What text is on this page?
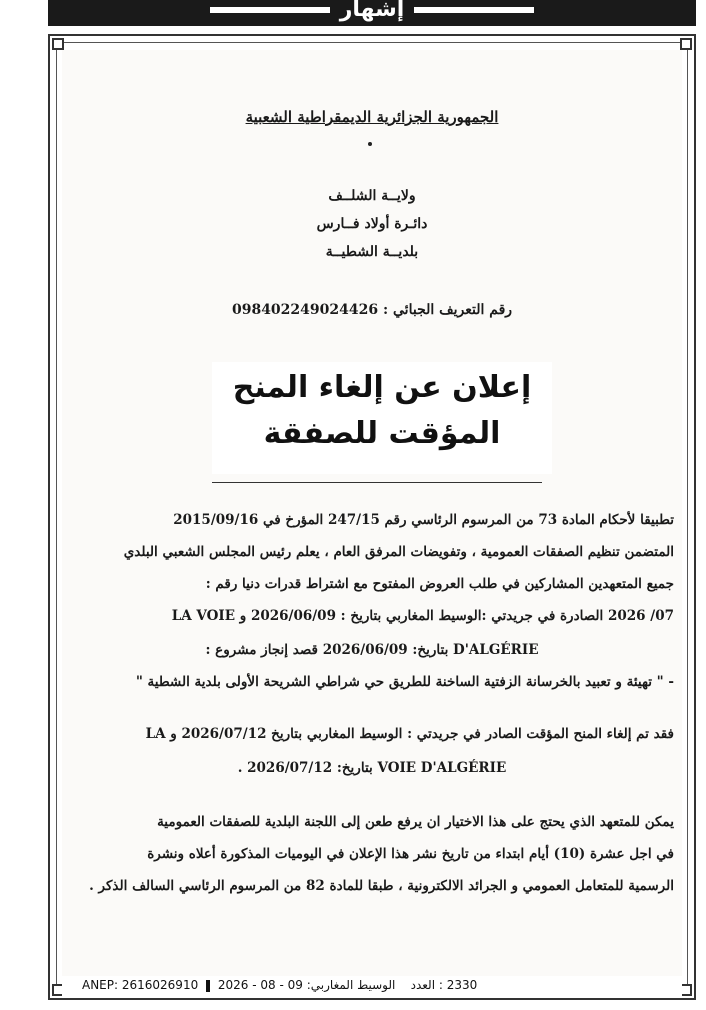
إشهار
الجمهورية الجزائرية الديمقراطية الشعبية
ولايــة الشلــف
دائـرة أولاد فــارس
بلديــة الشطيــة
رقم التعريف الجبائي : 098402249024426
إعلان عن إلغاء المنح
المؤقت للصفقة
تطبيقا لأحكام المادة 73 من المرسوم الرئاسي رقم 247/15 المؤرخ في 2015/09/16
المتضمن تنظيم الصفقات العمومية ، وتفويضات المرفق العام ، يعلم رئيس المجلس الشعبي البلدي
جميع المتعهدين المشاركين في طلب العروض المفتوح مع اشتراط قدرات دنيا رقم :
07/ 2026 الصادرة في جريدتي :الوسيط المغاربي بتاريخ : 2026/06/09 و LA VOIE
D'ALGÉRIE بتاريخ: 2026/06/09 قصد إنجاز مشروع :
- " تهيئة و تعبيد بالخرسانة الزفتية الساخنة للطريق حي شراطي الشريحة الأولى بلدية الشطية "
فقد تم إلغاء المنح المؤقت الصادر في جريدتي : الوسيط المغاربي بتاريخ 2026/07/12 و LA
VOIE D'ALGÉRIE بتاريخ: 2026/07/12 .
يمكن للمتعهد الذي يحتج على هذا الاختيار ان يرفع طعن إلى اللجنة البلدية للصفقات العمومية
في اجل عشرة (10) أيام ابتداء من تاريخ نشر هذا الإعلان في اليوميات المذكورة أعلاه ونشرة
الرسمية للمتعامل العمومي و الجرائد الالكترونية ، طبقا للمادة 82 من المرسوم الرئاسي السالف الذكر .
ANEP: 2616026910	2330 : العدد    الوسيط المغاربي: 09 - 08 - 2026
